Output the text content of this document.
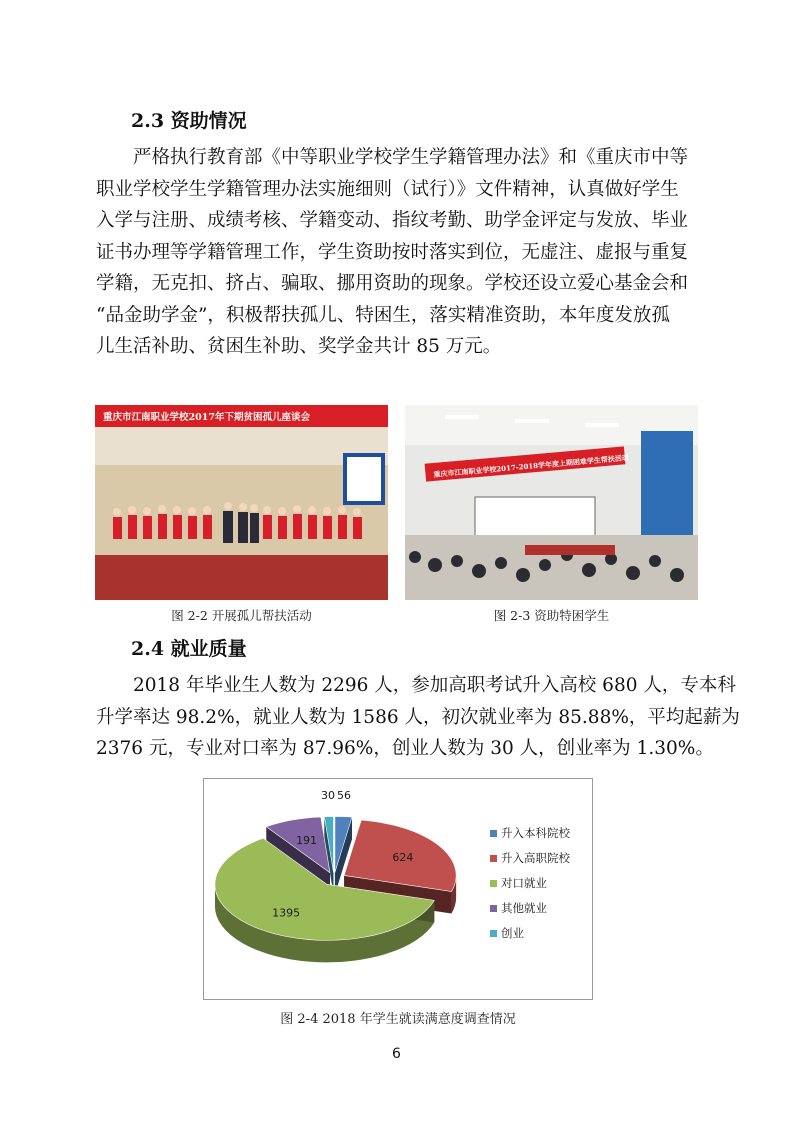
2.3 资助情况
严格执行教育部《中等职业学校学生学籍管理办法》和《重庆市中等
职业学校学生学籍管理办法实施细则（试行）》文件精神，认真做好学生
入学与注册、成绩考核、学籍变动、指纹考勤、助学金评定与发放、毕业
证书办理等学籍管理工作，学生资助按时落实到位，无虚注、虚报与重复
学籍，无克扣、挤占、骗取、挪用资助的现象。学校还设立爱心基金会和
“品金助学金”，积极帮扶孤儿、特困生，落实精准资助，本年度发放孤
儿生活补助、贫困生补助、奖学金共计 85 万元。
重庆市江南职业学校2017年下期贫困孤儿座谈会
图 2-2 开展孤儿帮扶活动
重庆市江南职业学校2017-2018学年度上期困难学生帮扶活动
图 2-3 资助特困学生
2.4 就业质量
2018 年毕业生人数为 2296 人，参加高职考试升入高校 680 人，专本科
升学率达 98.2%，就业人数为 1586 人，初次就业率为 85.88%，平均起薪为
2376 元，专业对口率为 87.96%，创业人数为 30 人，创业率为 1.30%。
56
624
1395
191
30
升入本科院校
升入高职院校
对口就业
其他就业
创业
图 2-4 2018 年学生就读满意度调查情况
6
